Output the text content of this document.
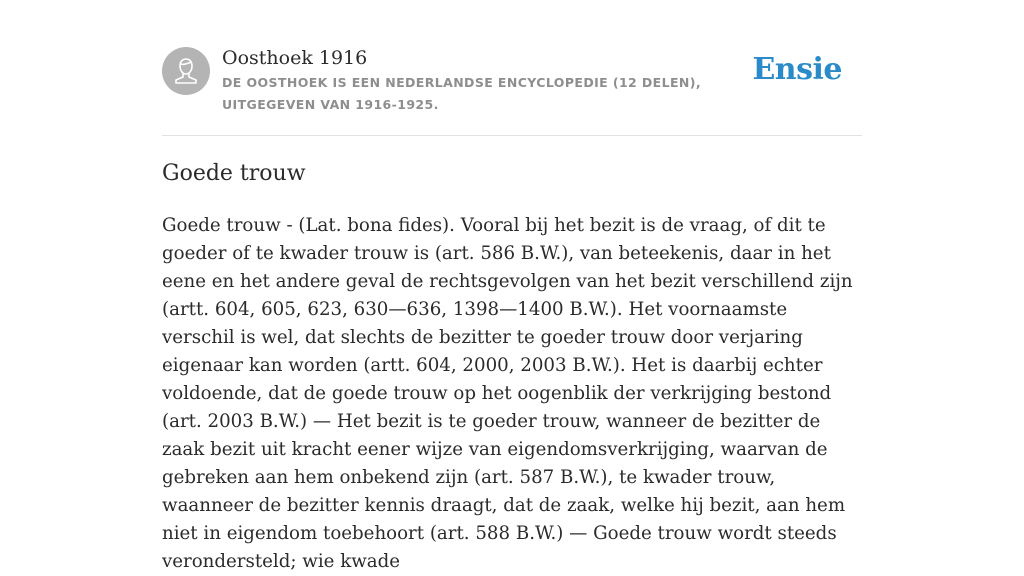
Oosthoek 1916
DE OOSTHOEK IS EEN NEDERLANDSE ENCYCLOPEDIE (12 DELEN), UITGEGEVEN VAN 1916-1925.
Ensie
Goede trouw

Goede trouw - (Lat. bona fides). Vooral bij het bezit is de vraag, of dit te goeder of te kwader trouw is (art. 586 B.W.), van beteekenis, daar in het eene en het andere geval de rechtsgevolgen van het bezit verschillend zijn (artt. 604, 605, 623, 630—636, 1398—1400 B.W.). Het voornaamste verschil is wel, dat slechts de bezitter te goeder trouw door verjaring eigenaar kan worden (artt. 604, 2000, 2003 B.W.). Het is daarbij echter voldoende, dat de goede trouw op het oogenblik der verkrijging bestond (art. 2003 B.W.) — Het bezit is te goeder trouw, wanneer de bezitter de zaak bezit uit kracht eener wijze van eigendomsverkrijging, waarvan de gebreken aan hem onbekend zijn (art. 587 B.W.), te kwader trouw, waanneer de bezitter kennis draagt, dat de zaak, welke hij bezit, aan hem niet in eigendom toebehoort (art. 588 B.W.) — Goede trouw wordt steeds verondersteld; wie kwade
